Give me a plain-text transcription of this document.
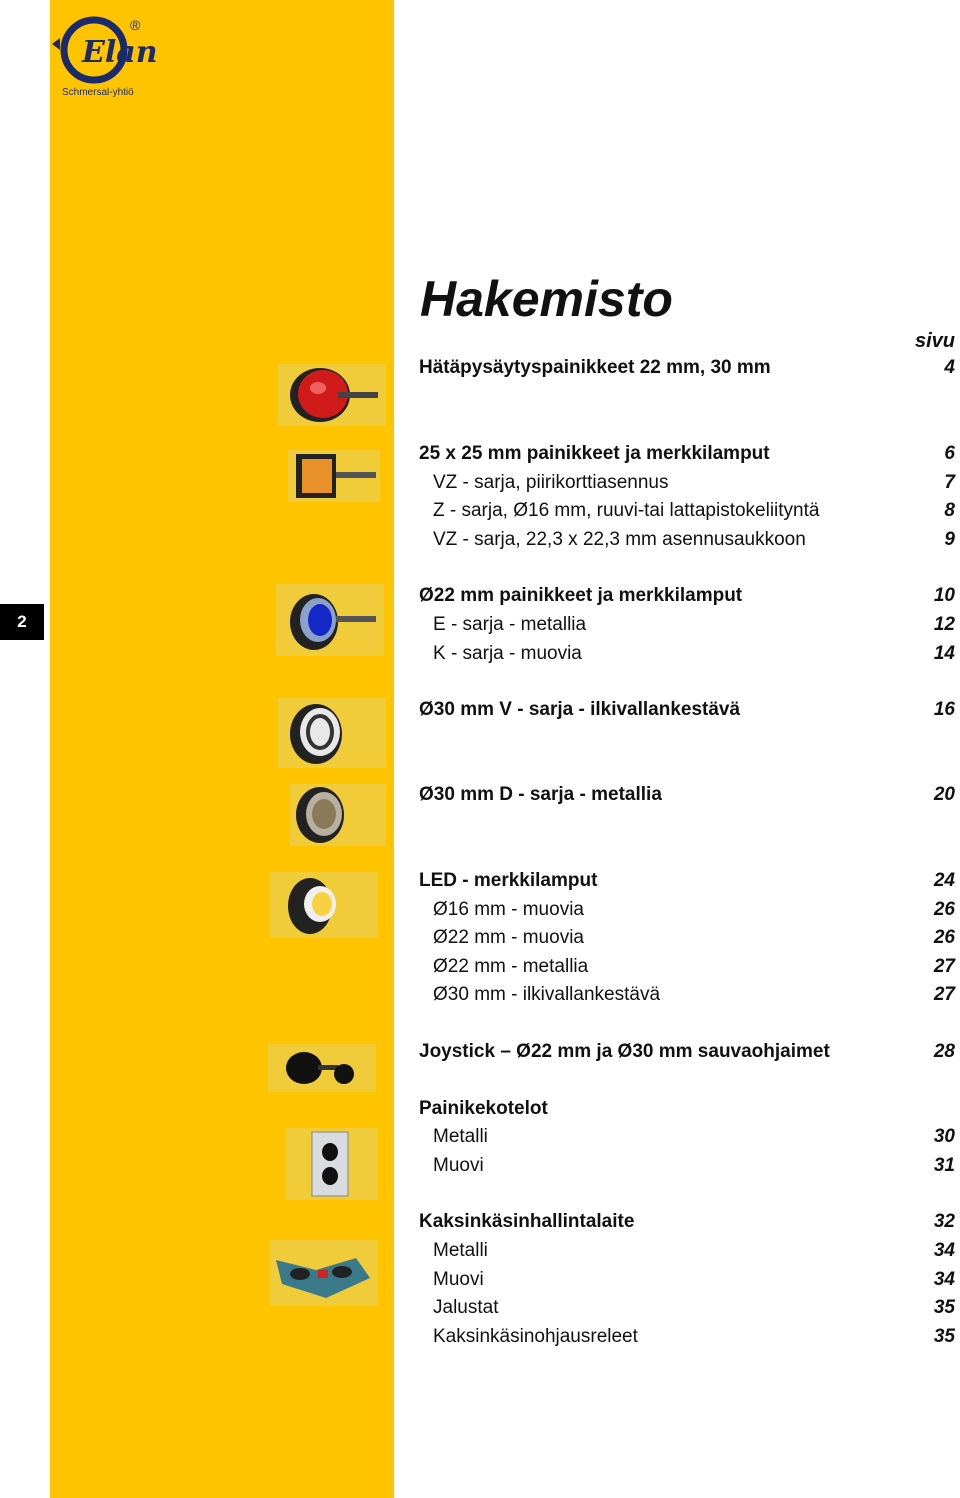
Elan
®
Schmersal-yhtiö
2
Hakemisto
sivu
Hätäpysäytyspainikkeet 22 mm, 30 mm	4
25 x 25 mm painikkeet ja merkkilamput	6
VZ - sarja, piirikorttiasennus	7
Z - sarja, Ø16 mm, ruuvi-tai lattapistokeliityntä	8
VZ - sarja, 22,3 x 22,3 mm asennusaukkoon	9
Ø22 mm painikkeet ja merkkilamput	10
E - sarja - metallia	12
K - sarja - muovia	14
Ø30 mm V - sarja - ilkivallankestävä	16
Ø30 mm D - sarja - metallia	20
LED - merkkilamput	24
Ø16 mm - muovia	26
Ø22 mm - muovia	26
Ø22 mm - metallia	27
Ø30 mm - ilkivallankestävä	27
Joystick – Ø22 mm ja Ø30 mm sauvaohjaimet	28
Painikekotelot
Metalli	30
Muovi	31
Kaksinkäsinhallintalaite	32
Metalli	34
Muovi	34
Jalustat	35
Kaksinkäsinohjausreleet	35
